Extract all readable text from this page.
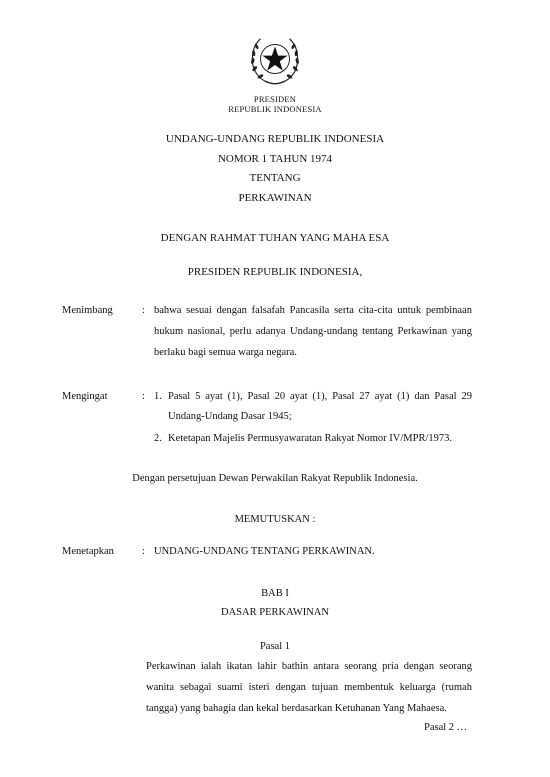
PRESIDEN
REPUBLIK INDONESIA
UNDANG-UNDANG REPUBLIK INDONESIA
NOMOR 1 TAHUN 1974
TENTANG
PERKAWINAN
DENGAN RAHMAT TUHAN YANG MAHA ESA
PRESIDEN REPUBLIK INDONESIA,
Menimbang	: bahwa sesuai dengan falsafah Pancasila serta cita-cita untuk pembinaan
hukum nasional, perlu adanya Undang-undang tentang Perkawinan yang
berlaku bagi semua warga negara.
Mengingat	: 1. Pasal 5 ayat (1), Pasal 20 ayat (1), Pasal 27 ayat (1) dan Pasal 29
Undang-Undang Dasar 1945;
2. Ketetapan Majelis Permusyawaratan Rakyat Nomor IV/MPR/1973.
Dengan persetujuan Dewan Perwakilan Rakyat Republik Indonesia.
MEMUTUSKAN :
Menetapkan	: UNDANG-UNDANG TENTANG PERKAWINAN.
BAB I
DASAR PERKAWINAN
Pasal 1
Perkawinan ialah ikatan lahir bathin antara seorang pria dengan seorang
wanita sebagai suami isteri dengan tujuan membentuk keluarga (rumah
tangga) yang bahagia dan kekal berdasarkan Ketuhanan Yang Mahaesa.
Pasal 2 …
